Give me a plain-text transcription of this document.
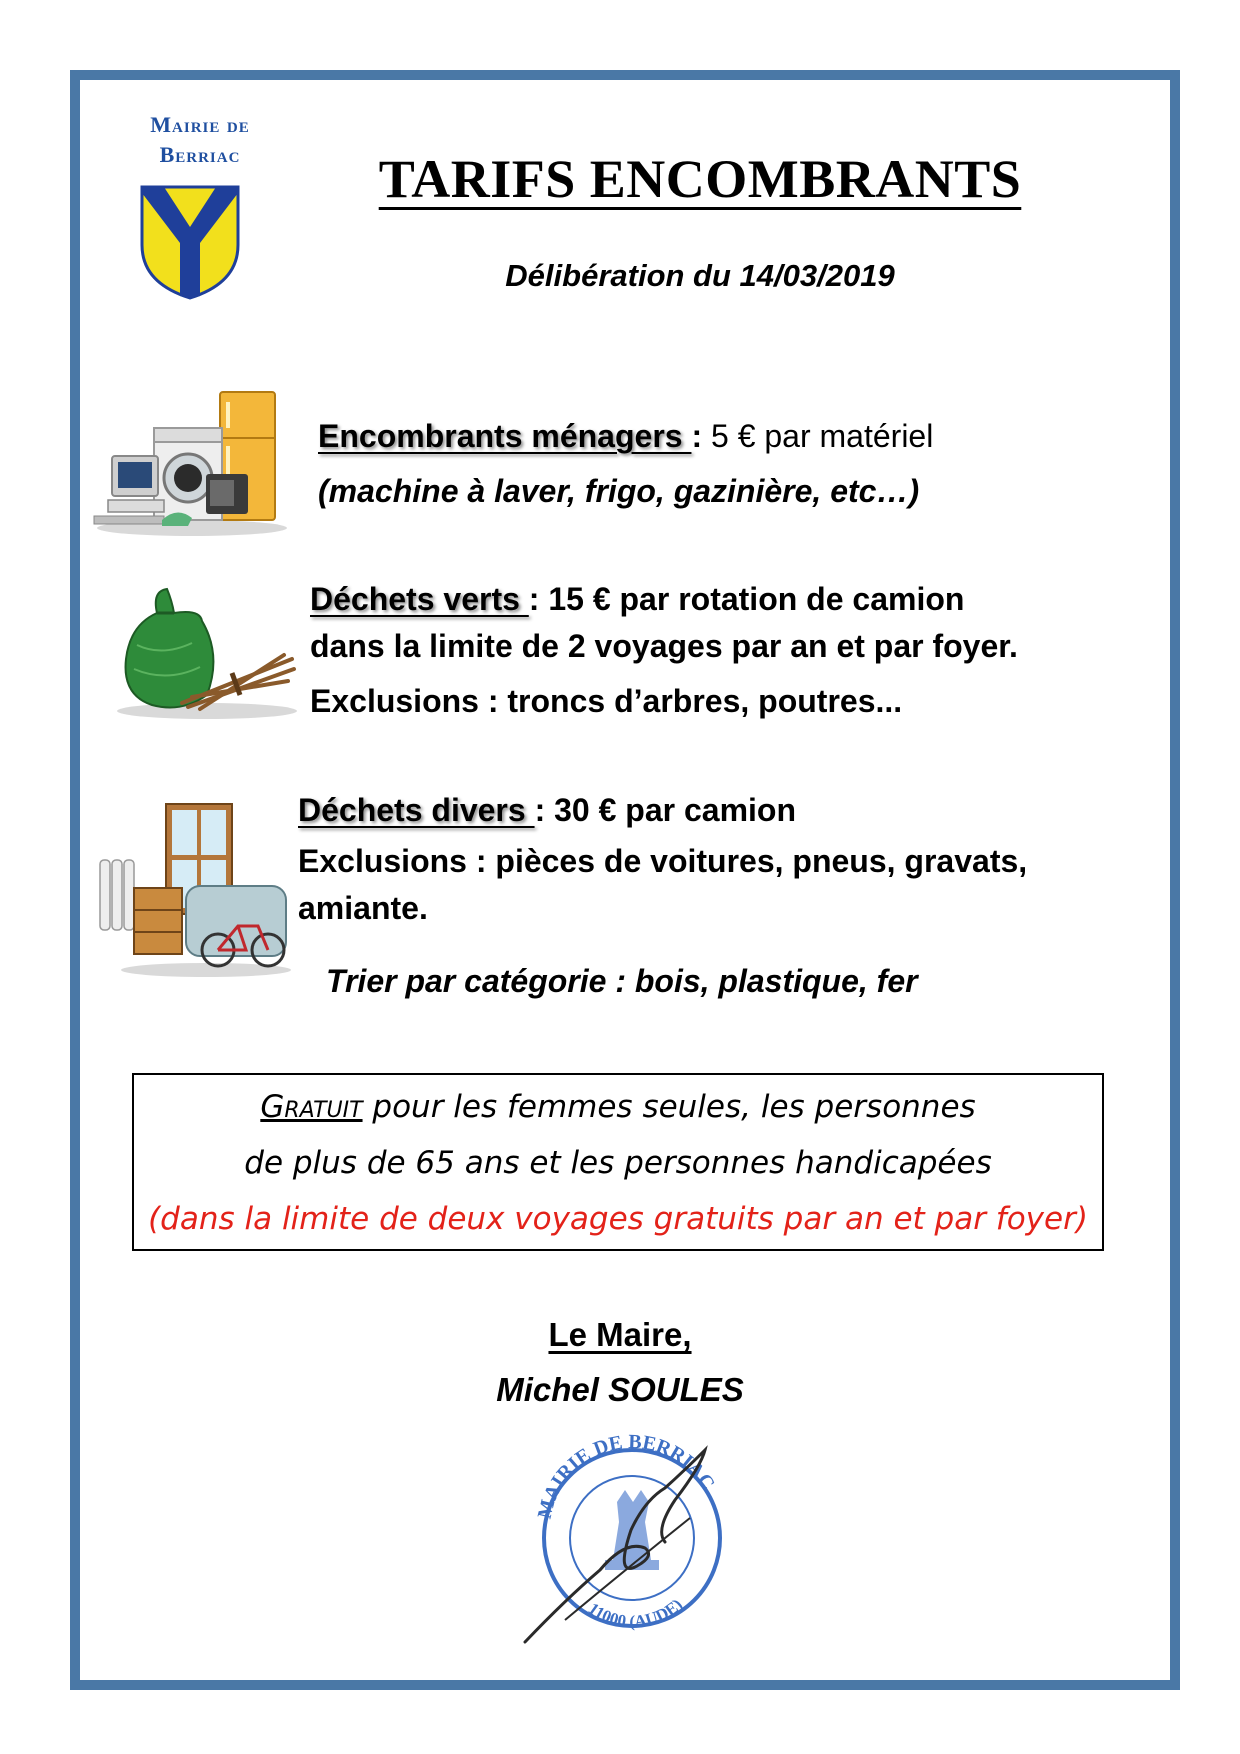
Mairie de
Berriac	TARIFS ENCOMBRANTS
Délibération du 14/03/2019
Encombrants ménagers : 5 € par matériel
(machine à laver, frigo, gazinière, etc…)
Déchets verts : 15 € par rotation de camion
dans la limite de 2 voyages par an et par foyer.
Exclusions : troncs d’arbres, poutres...
Déchets divers : 30 € par camion
Exclusions : pièces de voitures, pneus, gravats,
amiante.
Trier par catégorie : bois, plastique, fer

Gratuit pour les femmes seules, les personnes

de plus de 65 ans et les personnes handicapées

(dans la limite de deux voyages gratuits par an et par foyer)

Le Maire,
Michel SOULES
MAIRIE DE BERRIAC
11000 (AUDE)
